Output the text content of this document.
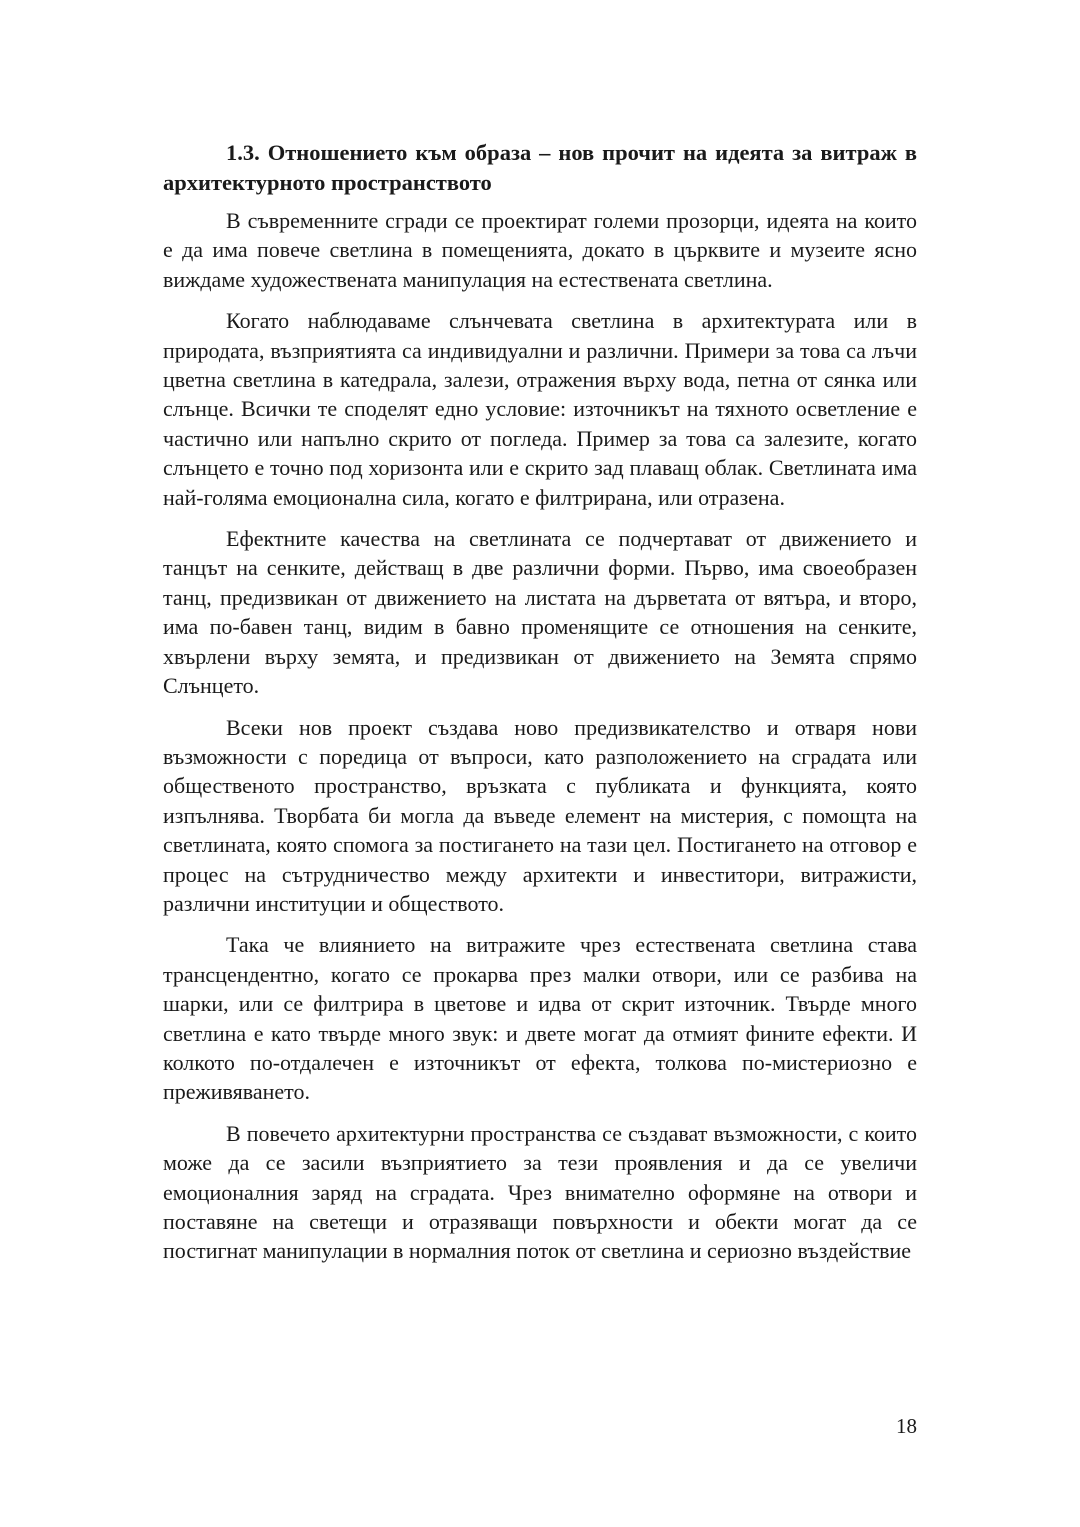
1.3. Отношението към образа – нов прочит на идеята за витраж в архитектурното пространството

В съвременните сгради се проектират големи прозорци, идеята на които е да има повече светлина в помещенията, докато в църквите и музеите ясно виждаме художествената манипулация на естествената светлина.

Когато наблюдаваме слънчевата светлина в архитектурата или в природата, възприятията са индивидуални и различни. Примери за това са лъчи цветна светлина в катедрала, залези, отражения върху вода, петна от сянка или слънце. Всички те споделят едно условие: източникът на тяхното осветление е частично или напълно скрито от погледа. Пример за това са залезите, когато слънцето е точно под хоризонта или е скрито зад плаващ облак. Светлината има най-голяма емоционална сила, когато е филтрирана, или отразена.

Ефектните качества на светлината се подчертават от движението и танцът на сенките, действащ в две различни форми. Първо, има своеобразен танц, предизвикан от движението на листата на дърветата от вятъра, и второ, има по-бавен танц, видим в бавно променящите се отношения на сенките, хвърлени върху земята, и предизвикан от движението на Земята спрямо Слънцето.

Всеки нов проект създава ново предизвикателство и отваря нови възможности с поредица от въпроси, като разположението на сградата или общественото пространство, връзката с публиката и функцията, която изпълнява. Творбата би могла да въведе елемент на мистерия, с помощта на светлината, която спомога за постигането на тази цел. Постигането на отговор е процес на сътрудничество между архитекти и инвеститори, витражисти, различни институции и обществото.

Така че влиянието на витражите чрез естествената светлина става трансцендентно, когато се прокарва през малки отвори, или се разбива на шарки, или се филтрира в цветове и идва от скрит източник. Твърде много светлина е като твърде много звук: и двете могат да отмият фините ефекти. И колкото по-отдалечен е източникът от ефекта, толкова по-мистериозно е преживяването.

В повечето архитектурни пространства се създават възможности, с които може да се засили възприятието за тези проявления и да се увеличи емоционалния заряд на сградата. Чрез внимателно оформяне на отвори и поставяне на светещи и отразяващи повърхности и обекти могат да се постигнат манипулации в нормалния поток от светлина и сериозно въздействие

18
